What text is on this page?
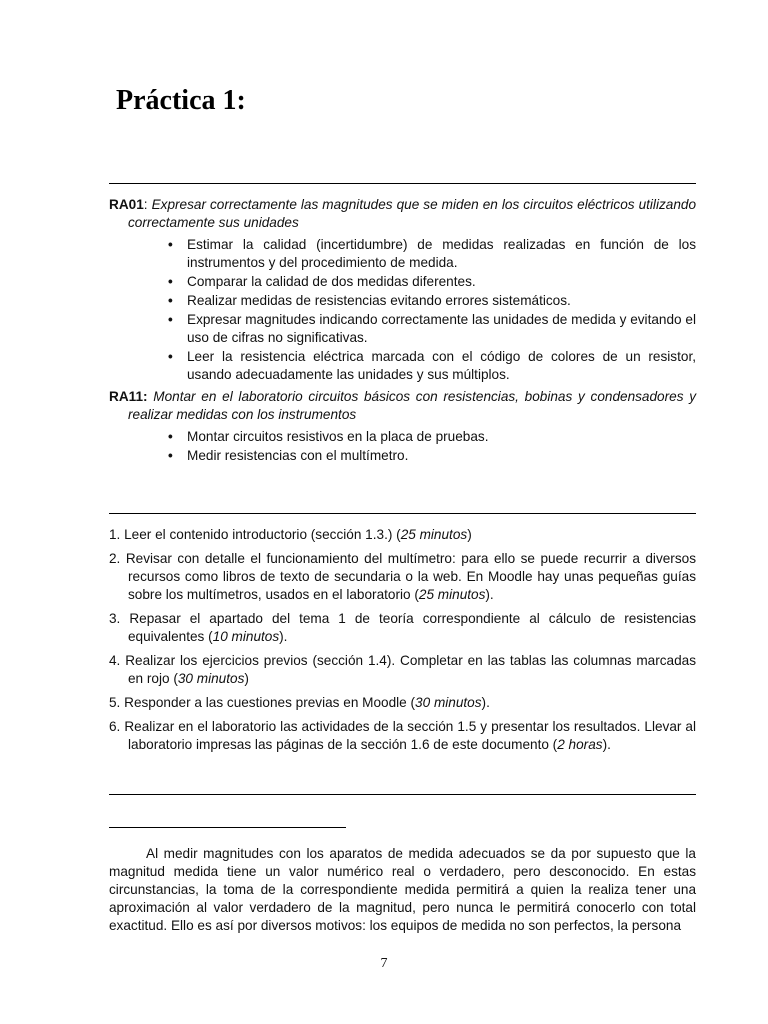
Práctica 1:

RA01: Expresar correctamente las magnitudes que se miden en los circuitos eléctricos utilizando correctamente sus unidades

• Estimar la calidad (incertidumbre) de medidas realizadas en función de los instrumentos y del procedimiento de medida.
• Comparar la calidad de dos medidas diferentes.
• Realizar medidas de resistencias evitando errores sistemáticos.
• Expresar magnitudes indicando correctamente las unidades de medida y evitando el uso de cifras no significativas.
• Leer la resistencia eléctrica marcada con el código de colores de un resistor, usando adecuadamente las unidades y sus múltiplos.

RA11: Montar en el laboratorio circuitos básicos con resistencias, bobinas y condensadores y realizar medidas con los instrumentos

• Montar circuitos resistivos en la placa de pruebas.
• Medir resistencias con el multímetro.
1. Leer el contenido introductorio (sección 1.3.) (25 minutos)
2. Revisar con detalle el funcionamiento del multímetro: para ello se puede recurrir a diversos recursos como libros de texto de secundaria o la web. En Moodle hay unas pequeñas guías sobre los multímetros, usados en el laboratorio (25 minutos).
3. Repasar el apartado del tema 1 de teoría correspondiente al cálculo de resistencias equivalentes (10 minutos).
4. Realizar los ejercicios previos (sección 1.4). Completar en las tablas las columnas marcadas en rojo (30 minutos)
5. Responder a las cuestiones previas en Moodle (30 minutos).
6. Realizar en el laboratorio las actividades de la sección 1.5 y presentar los resultados. Llevar al laboratorio impresas las páginas de la sección 1.6 de este documento (2 horas).

Al medir magnitudes con los aparatos de medida adecuados se da por supuesto que la magnitud medida tiene un valor numérico real o verdadero, pero desconocido. En estas circunstancias, la toma de la correspondiente medida permitirá a quien la realiza tener una aproximación al valor verdadero de la magnitud, pero nunca le permitirá conocerlo con total exactitud. Ello es así por diversos motivos: los equipos de medida no son perfectos, la persona

7
